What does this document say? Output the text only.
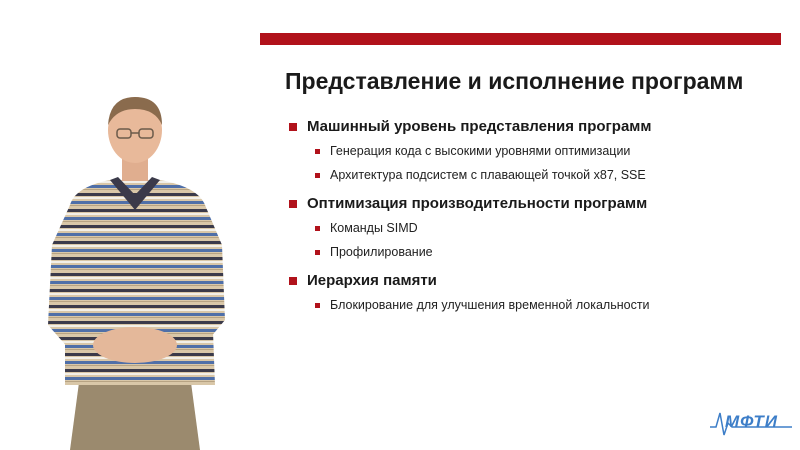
Представление и исполнение программ
Машинный уровень представления программ
Генерация кода с высокими уровнями оптимизации
Архитектура подсистем с плавающей точкой x87, SSE
Оптимизация производительности программ
Команды SIMD
Профилирование
Иерархия памяти
Блокирование для улучшения временной локальности
МФТИ
